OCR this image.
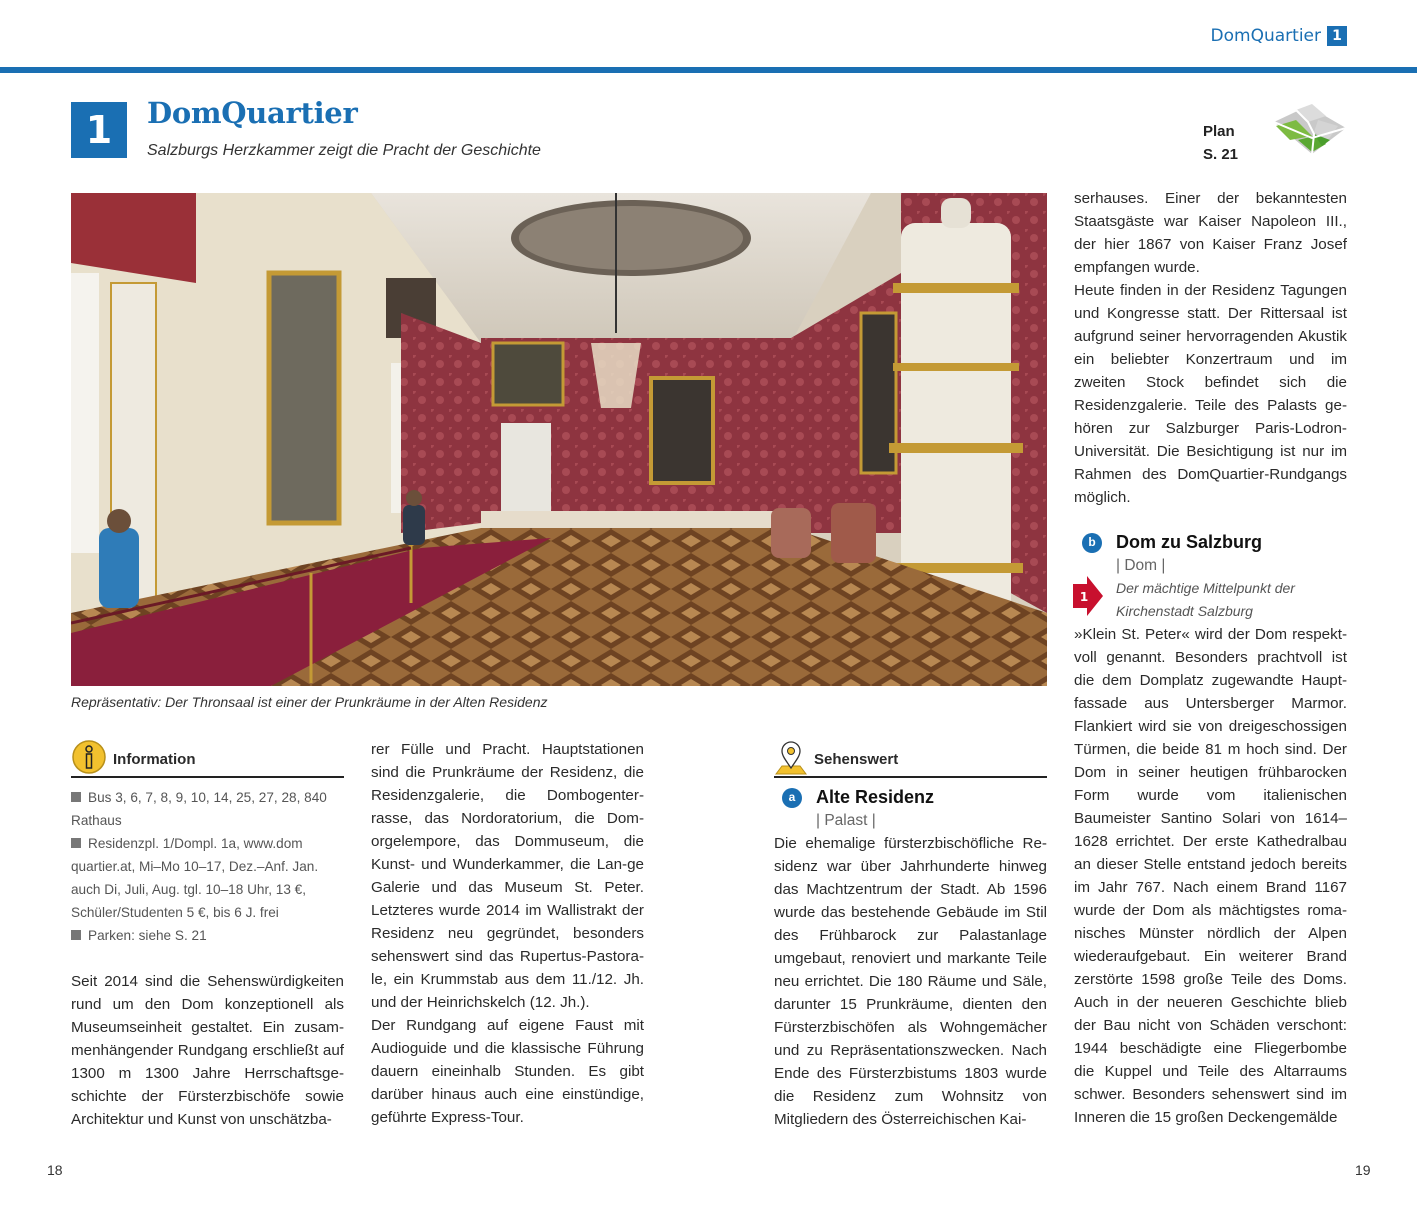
DomQuartier 1
1	DomQuartier
Salzburgs Herzkammer zeigt die Pracht der Geschichte
Plan
S. 21
Repräsentativ: Der Thronsaal ist einer der Prunkräume in der Alten Residenz
Information
Bus 3, 6, 7, 8, 9, 10, 14, 25, 27, 28, 840 Rathaus
Residenzpl. 1/Dompl. 1a, www.dom quartier.at, Mi–Mo 10–17, Dez.–Anf. Jan. auch Di, Juli, Aug. tgl. 10–18 Uhr, 13 €, Schüler/Studenten 5 €, bis 6 J. frei
Parken: siehe S. 21

Seit 2014 sind die Sehenswürdigkeiten rund um den Dom konzeptionell als Museumseinheit gestaltet. Ein zusammenhängender Rundgang erschließt auf 1300 m 1300 Jahre Herrschaftsgeschichte der Fürsterzbischöfe sowie Architektur und Kunst von unschätzba-

rer Fülle und Pracht. Hauptstationen sind die Prunkräume der Residenz, die Residenzgalerie, die Dombogenterrasse, das Nordoratorium, die Domorgelempore, das Dommuseum, die Kunst- und Wunderkammer, die Lan-ge Galerie und das Museum St. Peter. Letzteres wurde 2014 im Wallistrakt der Residenz neu gegründet, besonders sehenswert sind das Rupertus-Pastorale, ein Krummstab aus dem 11./12. Jh. und der Heinrichskelch (12. Jh.).

Der Rundgang auf eigene Faust mit Audioguide und die klassische Führung dauern eineinhalb Stunden. Es gibt darüber hinaus auch eine einstündige, geführte Express-Tour.

Sehenswert
a	Alte Residenz
| Palast |

Die ehemalige fürsterzbischöfliche Re-sidenz war über Jahrhunderte hinweg das Machtzentrum der Stadt. Ab 1596 wurde das bestehende Gebäude im Stil des Frühbarock zur Palastanlage umgebaut, renoviert und markante Teile neu errichtet. Die 180 Räume und Säle, darunter 15 Prunkräume, dienten den Fürsterzbischöfen als Wohngemächer und zu Repräsentationszwecken. Nach Ende des Fürsterzbistums 1803 wurde die Residenz zum Wohnsitz von Mitgliedern des Österreichischen Kai-

serhauses. Einer der bekanntesten Staatsgäste war Kaiser Napoleon III., der hier 1867 von Kaiser Franz Josef empfangen wurde.

Heute finden in der Residenz Tagungen und Kongresse statt. Der Rittersaal ist aufgrund seiner hervorragenden Akustik ein beliebter Konzertraum und im zweiten Stock befindet sich die Residenzgalerie. Teile des Palasts gehören zur Salzburger Paris-Lodron-Universität. Die Besichtigung ist nur im Rahmen des DomQuartier-Rundgangs möglich.

b	Dom zu Salzburg
| Dom |
Der mächtige Mittelpunkt der Kirchenstadt Salzburg

»Klein St. Peter« wird der Dom respektvoll genannt. Besonders prachtvoll ist die dem Domplatz zugewandte Hauptfassade aus Untersberger Marmor. Flankiert wird sie von dreigeschossigen Türmen, die beide 81 m hoch sind. Der Dom in seiner heutigen frühbarocken Form wurde vom italienischen Baumeister Santino Solari von 1614–1628 errichtet. Der erste Kathedralbau an dieser Stelle entstand jedoch bereits im Jahr 767. Nach einem Brand 1167 wurde der Dom als mächtigstes romanisches Münster nördlich der Alpen wiederaufgebaut. Ein weiterer Brand zerstörte 1598 große Teile des Doms. Auch in der neueren Geschichte blieb der Bau nicht von Schäden verschont: 1944 beschädigte eine Fliegerbombe die Kuppel und Teile des Altarraums schwer. Besonders sehenswert sind im Inneren die 15 großen Deckengemälde

1
18	19
